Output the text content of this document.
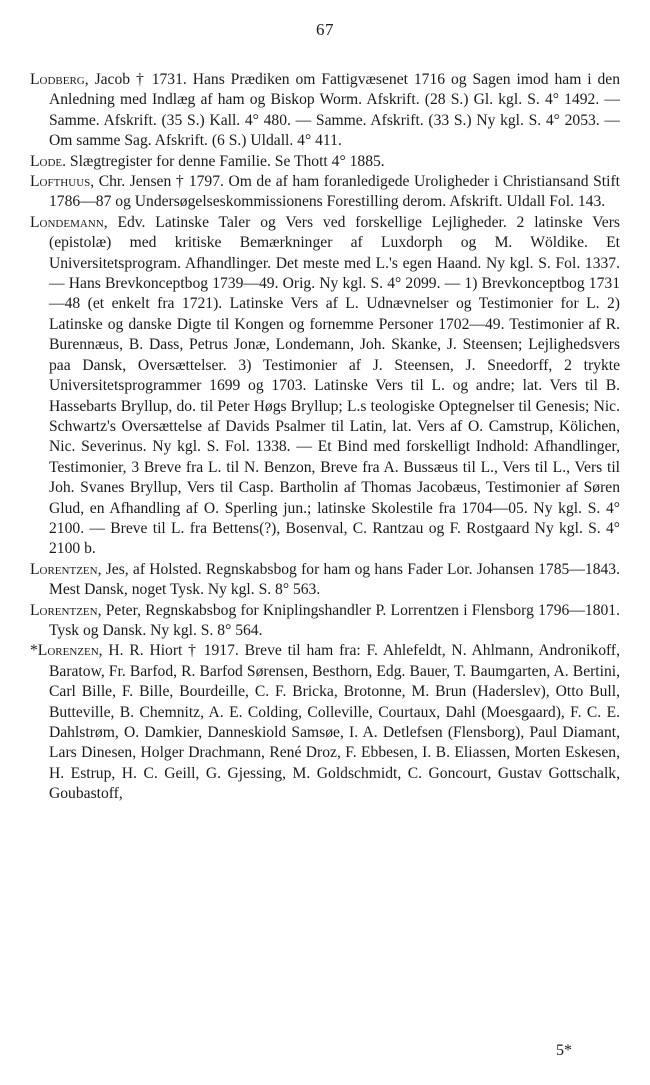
67

Lodberg, Jacob † 1731. Hans Prædiken om Fattigvæsenet 1716 og Sagen imod ham i den Anledning med Indlæg af ham og Biskop Worm. Afskrift. (28 S.) Gl. kgl. S. 4° 1492. — Samme. Afskrift. (35 S.) Kall. 4° 480. — Samme. Afskrift. (33 S.) Ny kgl. S. 4° 2053. — Om samme Sag. Afskrift. (6 S.) Uldall. 4° 411.

Lode. Slægtregister for denne Familie. Se Thott 4° 1885.

Lofthuus, Chr. Jensen † 1797. Om de af ham foranledigede Uroligheder i Christiansand Stift 1786—87 og Undersøgelseskommissionens Forestilling derom. Afskrift. Uldall Fol. 143.

Londemann, Edv. Latinske Taler og Vers ved forskellige Lejligheder. 2 latinske Vers (epistolæ) med kritiske Bemærkninger af Luxdorph og M. Wöldike. Et Universitetsprogram. Afhandlinger. Det meste med L.'s egen Haand. Ny kgl. S. Fol. 1337. — Hans Brevkonceptbog 1739—49. Orig. Ny kgl. S. 4° 2099. — 1) Brevkonceptbog 1731—48 (et enkelt fra 1721). Latinske Vers af L. Udnævnelser og Testimonier for L. 2) Latinske og danske Digte til Kongen og fornemme Personer 1702—49. Testimonier af R. Burennæus, B. Dass, Petrus Jonæ, Londemann, Joh. Skanke, J. Steensen; Lejlighedsvers paa Dansk, Oversættelser. 3) Testimonier af J. Steensen, J. Sneedorff, 2 trykte Universitetsprogrammer 1699 og 1703. Latinske Vers til L. og andre; lat. Vers til B. Hassebarts Bryllup, do. til Peter Høgs Bryllup; L.s teologiske Optegnelser til Genesis; Nic. Schwartz's Oversættelse af Davids Psalmer til Latin, lat. Vers af O. Camstrup, Kölichen, Nic. Severinus. Ny kgl. S. Fol. 1338. — Et Bind med forskelligt Indhold: Afhandlinger, Testimonier, 3 Breve fra L. til N. Benzon, Breve fra A. Bussæus til L., Vers til L., Vers til Joh. Svanes Bryllup, Vers til Casp. Bartholin af Thomas Jacobæus, Testimonier af Søren Glud, en Afhandling af O. Sperling jun.; latinske Skolestile fra 1704—05. Ny kgl. S. 4° 2100. — Breve til L. fra Bettens(?), Bosenval, C. Rantzau og F. Rostgaard Ny kgl. S. 4° 2100 b.

Lorentzen, Jes, af Holsted. Regnskabsbog for ham og hans Fader Lor. Johansen 1785—1843. Mest Dansk, noget Tysk. Ny kgl. S. 8° 563.

Lorentzen, Peter, Regnskabsbog for Kniplingshandler P. Lorrentzen i Flensborg 1796—1801. Tysk og Dansk. Ny kgl. S. 8° 564.

*Lorenzen, H. R. Hiort † 1917. Breve til ham fra: F. Ahlefeldt, N. Ahlmann, Andronikoff, Baratow, Fr. Barfod, R. Barfod Sørensen, Besthorn, Edg. Bauer, T. Baumgarten, A. Bertini, Carl Bille, F. Bille, Bourdeille, C. F. Bricka, Brotonne, M. Brun (Haderslev), Otto Bull, Butteville, B. Chemnitz, A. E. Colding, Colleville, Courtaux, Dahl (Moesgaard), F. C. E. Dahlstrøm, O. Damkier, Danneskiold Samsøe, I. A. Detlefsen (Flensborg), Paul Diamant, Lars Dinesen, Holger Drachmann, René Droz, F. Ebbesen, I. B. Eliassen, Morten Eskesen, H. Estrup, H. C. Geill, G. Gjessing, M. Goldschmidt, C. Goncourt, Gustav Gottschalk, Goubastoff,

5*
